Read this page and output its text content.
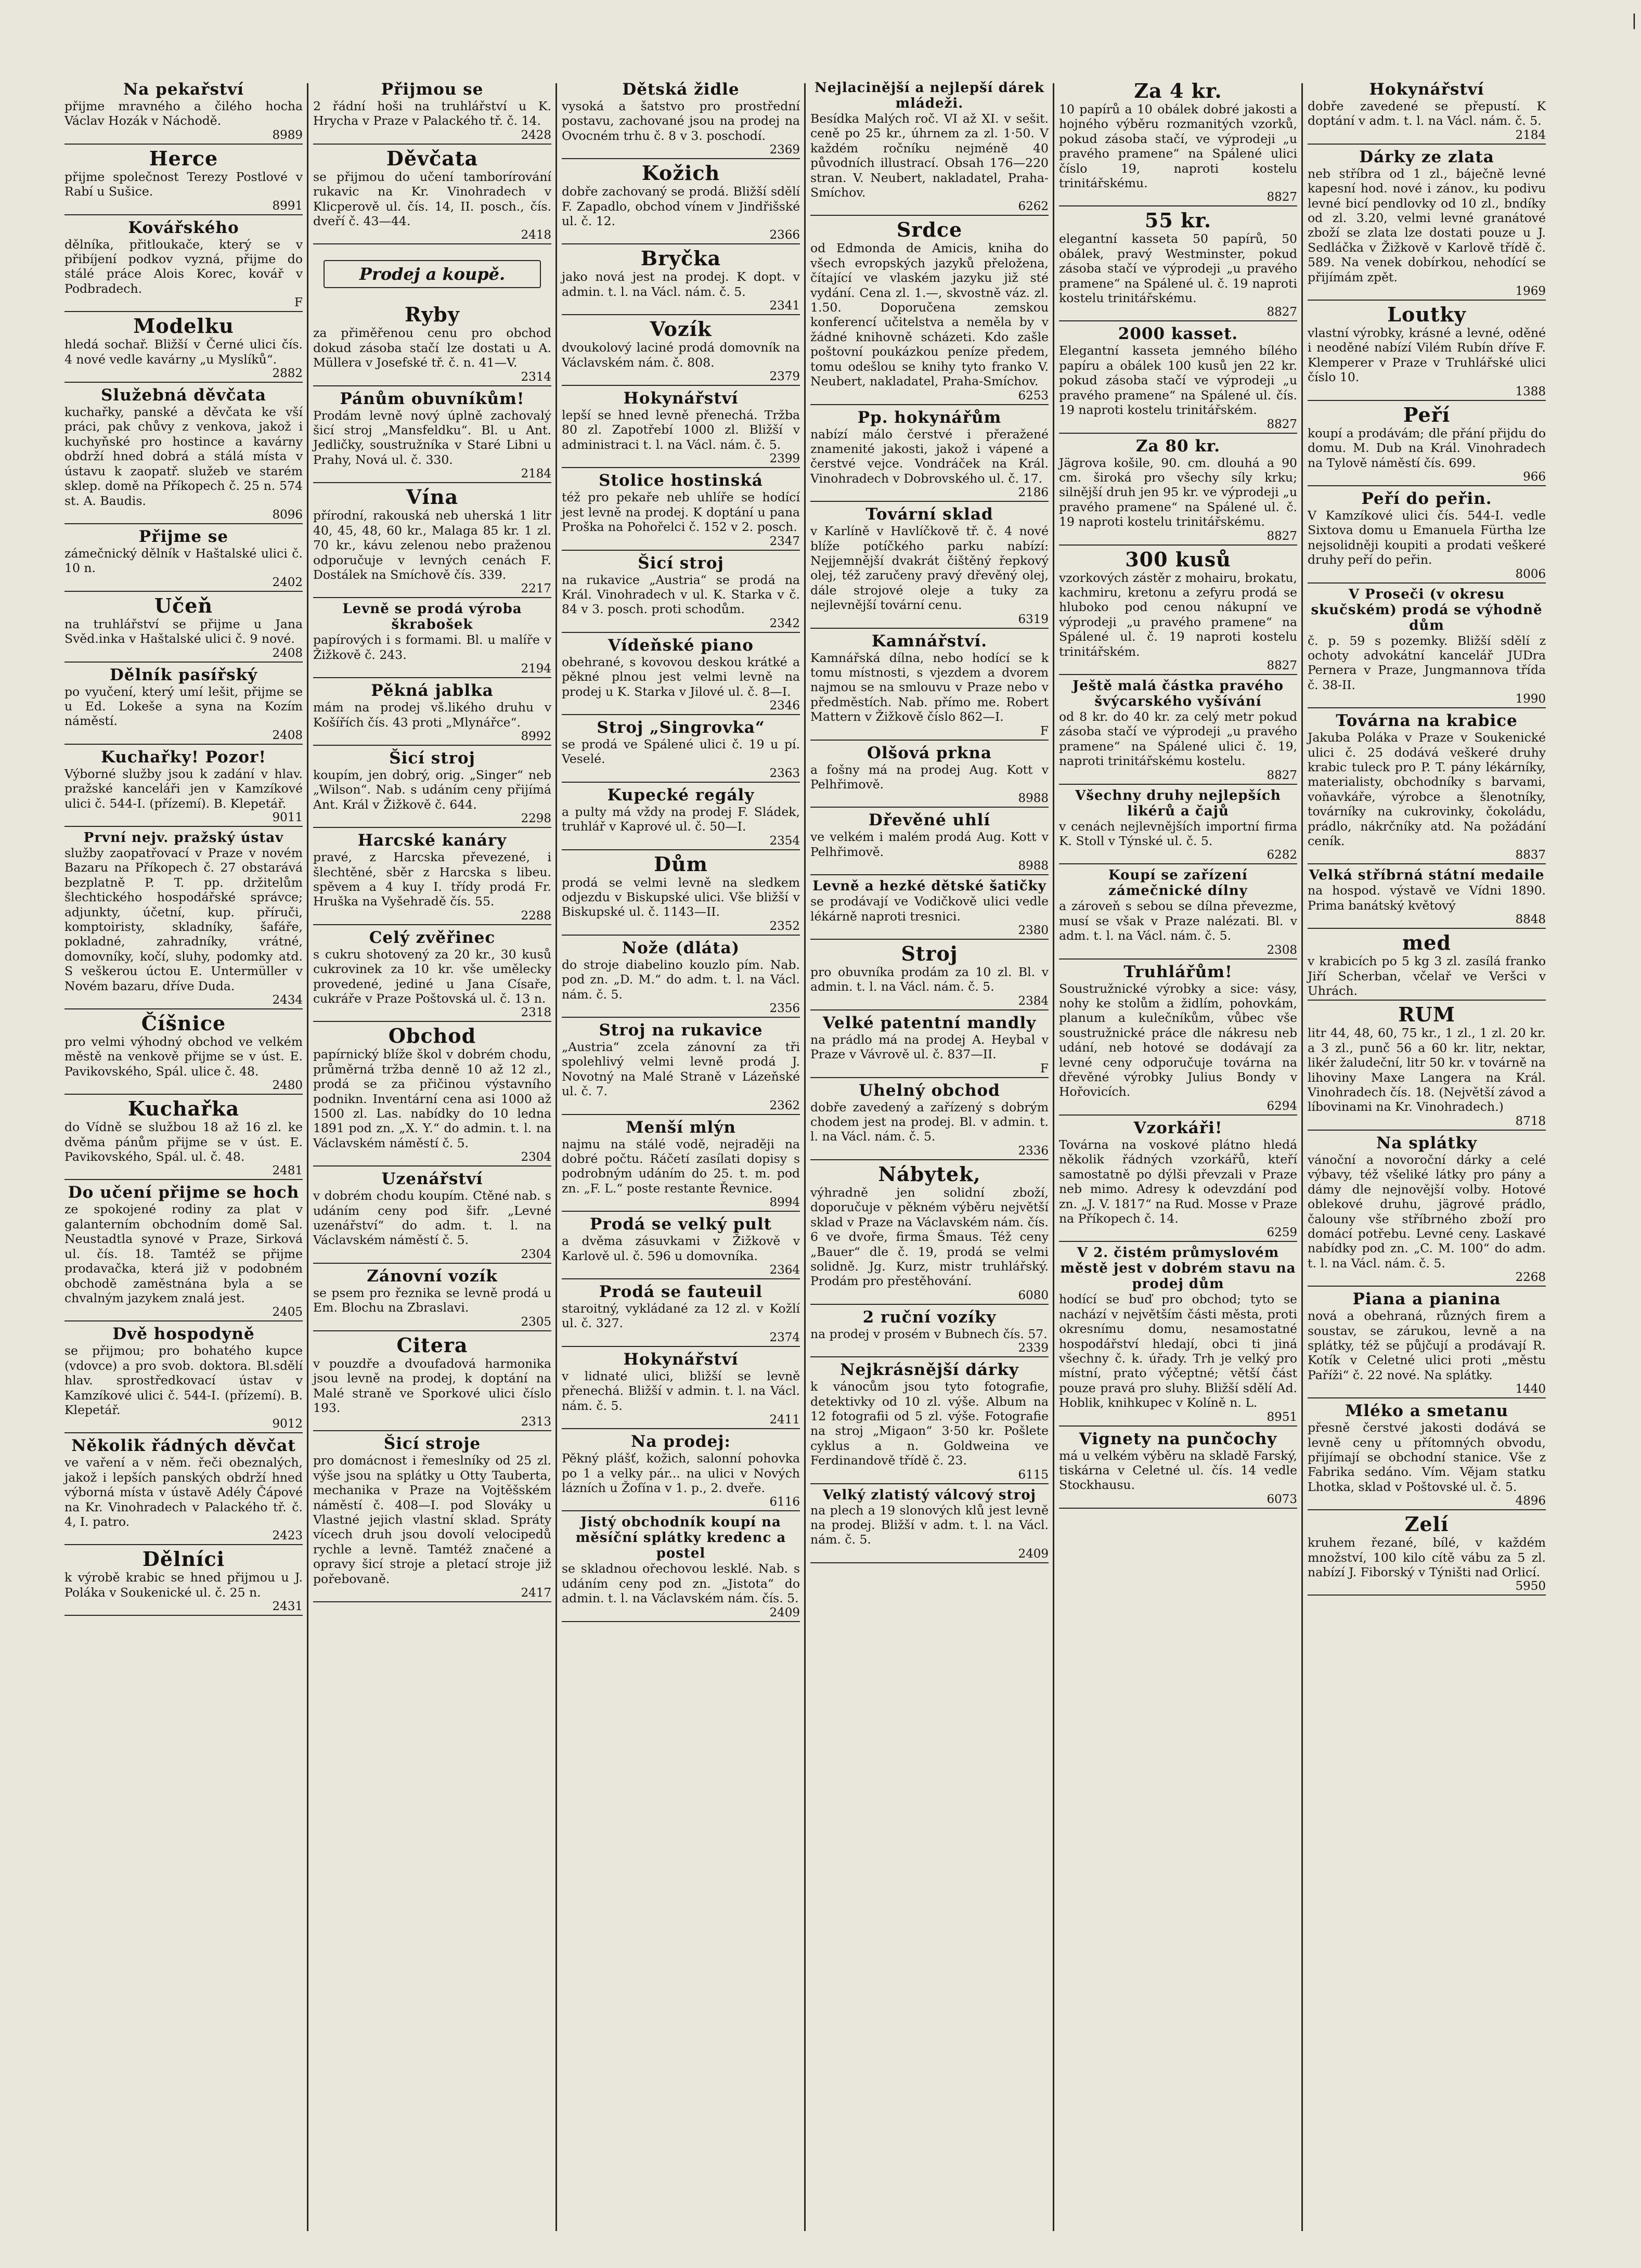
Na pekařství
přijme mravného a čilého hocha Václav Hozák v Náchodě.
8989
Herce
přijme společnost Terezy Postlové v Rabí u Sušice.
8991
Kovářského
dělníka, přitloukače, který se v přibíjení podkov vyzná, přijme do stálé práce Alois Korec, kovář v Podbradech.
F
Modelku
hledá sochař. Bližší v Černé ulici čís. 4 nové vedle kavárny „u Myslíků“.
2882
Služebná děvčata
kuchařky, panské a děvčata ke vší práci, pak chůvy z venkova, jakož i kuchyňské pro hostince a kavárny obdrží hned dobrá a stálá místa v ústavu k zaopatř. služeb ve starém sklep. domě na Příkopech č. 25 n. 574 st. A. Baudis.
8096
Přijme se
zámečnický dělník v Haštalské ulici č. 10 n.
2402
Učeň
na truhlářství se přijme u Jana Svěd.inka v Haštalské ulici č. 9 nové.
2408
Dělník pasířský
po vyučení, který umí lešit, přijme se u Ed. Lokeše a syna na Kozím náměstí.
2408
Kuchařky! Pozor!
Výborné služby jsou k zadání v hlav. pražské kanceláři jen v Kamzíkové ulici č. 544-I. (přízemí). B. Klepetář.
9011
První nejv. pražský ústav
služby zaopatřovací v Praze v novém Bazaru na Příkopech č. 27 obstarává bezplatně P. T. pp. držitelům šlechtického hospodářské správce; adjunkty, účetní, kup. příruči, komptoiristy, skladníky, šafáře, pokladné, zahradníky, vrátné, domovníky, kočí, sluhy, podomky atd. S veškerou úctou E. Untermüller v Novém bazaru, dříve Duda.
2434
Číšnice
pro velmi výhodný obchod ve velkém městě na venkově přijme se v úst. E. Pavikovského, Spál. ulice č. 48.
2480
Kuchařka
do Vídně se službou 18 až 16 zl. ke dvěma pánům přijme se v úst. E. Pavikovského, Spál. ul. č. 48.
2481
Do učení přijme se hoch
ze spokojené rodiny za plat v galanterním obchodním domě Sal. Neustadtla synové v Praze, Sirková ul. čís. 18. Tamtéž se přijme prodavačka, která již v podobném obchodě zaměstnána byla a se chvalným jazykem znalá jest.
2405
Dvě hospodyně
se přijmou; pro bohatého kupce (vdovce) a pro svob. doktora. Bl.sdělí hlav. sprostředkovací ústav v Kamzíkové ulici č. 544-I. (přízemí). B. Klepetář.
9012
Několik řádných děvčat
ve vaření a v něm. řeči obeznalých, jakož i lepších panských obdrží hned výborná místa v ústavě Adély Čápové na Kr. Vinohradech v Palackého tř. č. 4, I. patro.
2423
Dělníci
k výrobě krabic se hned přijmou u J. Poláka v Soukenické ul. č. 25 n.
2431
Přijmou se
2 řádní hoši na truhlářství u K. Hrycha v Praze v Palackého tř. č. 14.
2428
Děvčata
se přijmou do učení tamborírování rukavic na Kr. Vinohradech v Klicperově ul. čís. 14, II. posch., čís. dveří č. 43—44.
2418
Prodej a koupě.
Ryby
za přiměřenou cenu pro obchod dokud zásoba stačí lze dostati u A. Müllera v Josefské tř. č. n. 41—V.
2314
Pánům obuvníkům!
Prodám levně nový úplně zachovalý šicí stroj „Mansfeldku“. Bl. u Ant. Jedličky, soustružníka v Staré Libni u Prahy, Nová ul. č. 330.
2184
Vína
přírodní, rakouská neb uherská 1 litr 40, 45, 48, 60 kr., Malaga 85 kr. 1 zl. 70 kr., kávu zelenou nebo praženou odporučuje v levných cenách F. Dostálek na Smíchově čís. 339.
2217
Levně se prodá výroba škrabošek
papírových i s formami. Bl. u malíře v Žižkově č. 243.
2194
Pěkná jablka
mám na prodej vš.likého druhu v Košířích čís. 43 proti „Mlynářce“.
8992
Šicí stroj
koupím, jen dobrý, orig. „Singer“ neb „Wilson“. Nab. s udáním ceny přijímá Ant. Král v Žižkově č. 644.
2298
Harcské kanáry
pravé, z Harcska převezené, i šlechtěné, sběr z Harcska s libeu. spěvem a 4 kuy I. třídy prodá Fr. Hruška na Vyšehradě čís. 55.
2288
Celý zvěřinec
s cukru shotovený za 20 kr., 30 kusů cukrovinek za 10 kr. vše umělecky provedené, jediné u Jana Císaře, cukráře v Praze Poštovská ul. č. 13 n.
2318
Obchod
papírnický blíže škol v dobrém chodu, průměrná tržba denně 10 až 12 zl., prodá se za přičinou výstavního podnikn. Inventární cena asi 1000 až 1500 zl. Las. nabídky do 10 ledna 1891 pod zn. „X. Y.“ do admin. t. l. na Václavském náměstí č. 5.
2304
Uzenářství
v dobrém chodu koupím. Ctěné nab. s udáním ceny pod šifr. „Levné uzenářství“ do adm. t. l. na Václavském náměstí č. 5.
2304
Zánovní vozík
se psem pro řeznika se levně prodá u Em. Blochu na Zbraslavi.
2305
Citera
v pouzdře a dvoufadová harmonika jsou levně na prodej, k doptání na Malé straně ve Sporkové ulici číslo 193.
2313
Šicí stroje
pro domácnost i řemeslníky od 25 zl. výše jsou na splátky u Otty Tauberta, mechanika v Praze na Vojtěšském náměstí č. 408—I. pod Slováky u Vlastné jejich vlastní sklad. Spráty vícech druh jsou dovolí velocipedů rychle a levně. Tamtéž značené a opravy šicí stroje a pletací stroje již pořebovaně.
2417
Dětská židle
vysoká a šatstvo pro prostřední postavu, zachované jsou na prodej na Ovocném trhu č. 8 v 3. poschodí.
2369
Kožich
dobře zachovaný se prodá. Bližší sdělí F. Zapadlo, obchod vínem v Jindřišské ul. č. 12.
2366
Bryčka
jako nová jest na prodej. K dopt. v admin. t. l. na Václ. nám. č. 5.
2341
Vozík
dvoukolový laciné prodá domovník na Václavském nám. č. 808.
2379
Hokynářství
lepší se hned levně přenechá. Tržba 80 zl. Zapotřebí 1000 zl. Bližší v administraci t. l. na Václ. nám. č. 5.
2399
Stolice hostinská
též pro pekaře neb uhlíře se hodící jest levně na prodej. K doptání u pana Proška na Pohořelci č. 152 v 2. posch.
2347
Šicí stroj
na rukavice „Austria“ se prodá na Král. Vinohradech v ul. K. Starka v č. 84 v 3. posch. proti schodům.
2342
Vídeňské piano
obehrané, s kovovou deskou krátké a pěkné plnou jest velmi levně na prodej u K. Starka v Jilové ul. č. 8—I.
2346
Stroj „Singrovka“
se prodá ve Spálené ulici č. 19 u pí. Veselé.
2363
Kupecké regály
a pulty má vždy na prodej F. Sládek, truhlář v Kaprové ul. č. 50—I.
2354
Dům
prodá se velmi levně na sledkem odjezdu v Biskupské ulici. Vše bližší v Biskupské ul. č. 1143—II.
2352
Nože (dláta)
do stroje diabelino kouzlo pím. Nab. pod zn. „D. M.“ do adm. t. l. na Václ. nám. č. 5.
2356
Stroj na rukavice
„Austria“ zcela zánovní za tři spolehlivý velmi levně prodá J. Novotný na Malé Straně v Lázeňské ul. č. 7.
2362
Menší mlýn
najmu na stálé vodě, nejraději na dobré počtu. Ráčetí zasílati dopisy s podrobným udáním do 25. t. m. pod zn. „F. L.“ poste restante Řevnice.
8994
Prodá se velký pult
a dvěma zásuvkami v Žižkově v Karlově ul. č. 596 u domovníka.
2364
Prodá se fauteuil
staroitný, vykládané za 12 zl. v Kožlí ul. č. 327.
2374
Hokynářství
v lidnaté ulici, bližší se levně přenechá. Bližší v admin. t. l. na Václ. nám. č. 5.
2411
Na prodej:
Pěkný plášť, kožich, salonní pohovka po 1 a velky pár... na ulici v Nových lázních u Žofína v 1. p., 2. dveře.
6116
Jistý obchodník koupí na měsíční splátky kredenc a postel
se skladnou ořechovou lesklé. Nab. s udáním ceny pod zn. „Jistota“ do admin. t. l. na Václavském nám. čís. 5.
2409
Nejlacinější a nejlepší dárek mládeži.
Besídka Malých roč. VI až XI. v sešit. ceně po 25 kr., úhrnem za zl. 1·50. V každém ročníku nejméně 40 původních illustrací. Obsah 176—220 stran. V. Neubert, nakladatel, Praha-Smíchov.
6262
Srdce
od Edmonda de Amicis, kniha do všech evropských jazyků přeložena, čítající ve vlaském jazyku již sté vydání. Cena zl. 1.—, skvostně váz. zl. 1.50. Doporučena zemskou konferencí učitelstva a neměla by v žádné knihovně scházeti. Kdo zašle poštovní poukázkou peníze předem, tomu odešlou se knihy tyto franko V. Neubert, nakladatel, Praha-Smíchov.
6253
Pp. hokynářům
nabízí málo čerstvé i přeražené znamenité jakosti, jakož i vápené a čerstvé vejce. Vondráček na Král. Vinohradech v Dobrovského ul. č. 17.
2186
Tovární sklad
v Karlíně v Havlíčkově tř. č. 4 nové blíže potíčkého parku nabízí: Nejjemnější dvakrát čištěný řepkový olej, též zaručeny pravý dřevěný olej, dále strojové oleje a tuky za nejlevnější tovární cenu.
6319
Kamnářství.
Kamnářská dílna, nebo hodící se k tomu místnosti, s vjezdem a dvorem najmou se na smlouvu v Praze nebo v předměstích. Nab. přímo me. Robert Mattern v Žižkově číslo 862—I.
F
Olšová prkna
a fošny má na prodej Aug. Kott v Pelhřimově.
8988
Dřevěné uhlí
ve velkém i malém prodá Aug. Kott v Pelhřimově.
8988
Levně a hezké dětské šatičky
se prodávají ve Vodičkově ulici vedle lékárně naproti tresnici.
2380
Stroj
pro obuvníka prodám za 10 zl. Bl. v admin. t. l. na Václ. nám. č. 5.
2384
Velké patentní mandly
na prádlo má na prodej A. Heybal v Praze v Vávrově ul. č. 837—II.
F
Uhelný obchod
dobře zavedený a zařízený s dobrým chodem jest na prodej. Bl. v admin. t. l. na Václ. nám. č. 5.
2336
Nábytek,
výhradně jen solidní zboží, doporučuje v pěkném výběru největší sklad v Praze na Václavském nám. čís. 6 ve dvoře, firma Šmaus. Též ceny „Bauer“ dle č. 19, prodá se velmi solidně. Jg. Kurz, mistr truhlářský. Prodám pro přestěhování.
6080
2 ruční vozíky
na prodej v prosém v Bubnech čís. 57.
2339
Nejkrásnější dárky
k vánocům jsou tyto fotografie, detektivky od 10 zl. výše. Album na 12 fotografii od 5 zl. výše. Fotografie na stroj „Migaon“ 3·50 kr. Pošlete cyklus a n. Goldweina ve Ferdinandově třídě č. 23.
6115
Velký zlatistý válcový stroj
na plech a 19 slonových klů jest levně na prodej. Bližší v adm. t. l. na Václ. nám. č. 5.
2409
Za 4 kr.
10 papírů a 10 obálek dobré jakosti a hojného výběru rozmanitých vzorků, pokud zásoba stačí, ve výprodeji „u pravého pramene“ na Spálené ulici číslo 19, naproti kostelu trinitářskému.
8827
55 kr.
elegantní kasseta 50 papírů, 50 obálek, pravý Westminster, pokud zásoba stačí ve výprodeji „u pravého pramene“ na Spálené ul. č. 19 naproti kostelu trinitářskému.
8827
2000 kasset.
Elegantní kasseta jemného bílého papíru a obálek 100 kusů jen 22 kr. pokud zásoba stačí ve výprodeji „u pravého pramene“ na Spálené ul. čís. 19 naproti kostelu trinitářském.
8827
Za 80 kr.
Jägrova košile, 90. cm. dlouhá a 90 cm. široká pro všechy síly krku; silnější druh jen 95 kr. ve výprodeji „u pravého pramene“ na Spálené ul. č. 19 naproti kostelu trinitářskému.
8827
300 kusů
vzorkových zástěr z mohairu, brokatu, kachmiru, kretonu a zefyru prodá se hluboko pod cenou nákupní ve výprodeji „u pravého pramene“ na Spálené ul. č. 19 naproti kostelu trinitářském.
8827
Ještě malá částka pravého švýcarského vyšívání
od 8 kr. do 40 kr. za celý metr pokud zásoba stačí ve výprodeji „u pravého pramene“ na Spálené ulici č. 19, naproti trinitářskému kostelu.
8827
Všechny druhy nejlepších likérů a čajů
v cenách nejlevnějších importní firma K. Stoll v Týnské ul. č. 5.
6282
Koupí se zařízení zámečnické dílny
a zároveň s sebou se dílna převezme, musí se však v Praze nalézati. Bl. v adm. t. l. na Václ. nám. č. 5.
2308
Truhlářům!
Soustružnické výrobky a sice: vásy, nohy ke stolům a židlím, pohovkám, planum a kulečníkům, vůbec vše soustružnické práce dle nákresu neb udání, neb hotové se dodávají za levné ceny odporučuje továrna na dřevěné výrobky Julius Bondy v Hořovicích.
6294
Vzorkáři!
Továrna na voskové plátno hledá několik řádných vzorkářů, kteří samostatně po dýlši převzali v Praze neb mimo. Adresy k odevzdání pod zn. „J. V. 1817“ na Rud. Mosse v Praze na Příkopech č. 14.
6259
V 2. čistém průmyslovém městě jest v dobrém stavu na prodej dům
hodící se buď pro obchod; tyto se nachází v největším části města, proti okresnímu domu, nesamostatné hospodářství hledají, obci ti jiná všechny č. k. úřady. Trh je velký pro místní, prato výčeptné; větší část pouze pravá pro sluhy. Bližší sdělí Ad. Hoblik, knihkupec v Kolíně n. L.
8951
Vignety na punčochy
má u velkém výběru na skladě Farský, tiskárna v Celetné ul. čís. 14 vedle Stockhausu.
6073
Hokynářství
dobře zavedené se přepustí. K doptání v adm. t. l. na Václ. nám. č. 5.
2184
Dárky ze zlata
neb stříbra od 1 zl., báječně levné kapesní hod. nové i zánov., ku podivu levné bicí pendlovky od 10 zl., bndíky od zl. 3.20, velmi levné granátové zboží se zlata lze dostati pouze u J. Sedláčka v Žižkově v Karlově třídě č. 589. Na venek dobírkou, nehodící se přijímám zpět.
1969
Loutky
vlastní výrobky, krásné a levné, oděné i neoděné nabízí Vilém Rubín dříve F. Klemperer v Praze v Truhlářské ulici číslo 10.
1388
Peří
koupí a prodávám; dle přání přijdu do domu. M. Dub na Král. Vinohradech na Tylově náměstí čís. 699.
966
Peří do peřin.
V Kamzíkové ulici čís. 544-I. vedle Sixtova domu u Emanuela Fürtha lze nejsolidněji koupiti a prodati veškeré druhy peří do peřin.
8006
V Proseči (v okresu skučském) prodá se výhodně dům
č. p. 59 s pozemky. Bližší sdělí z ochoty advokátní kancelář JUDra Pernera v Praze, Jungmannova třída č. 38-II.
1990
Továrna na krabice
Jakuba Poláka v Praze v Soukenické ulici č. 25 dodává veškeré druhy krabic tuleck pro P. T. pány lékárníky, materialisty, obchodníky s barvami, voňavkáře, výrobce a šlenotníky, továrníky na cukrovinky, čokoládu, prádlo, nákrčníky atd. Na požádání ceník.
8837
Velká stříbrná státní medaile
na hospod. výstavě ve Vídni 1890. Prima banátský květový
8848
med
v krabicích po 5 kg 3 zl. zasílá franko Jiří Scherban, včelař ve Veršci v Uhrách.
RUM
litr 44, 48, 60, 75 kr., 1 zl., 1 zl. 20 kr. a 3 zl., punč 56 a 60 kr. litr, nektar, likér žaludeční, litr 50 kr. v továrně na lihoviny Maxe Langera na Král. Vinohradech čís. 18. (Největší závod a líbovinami na Kr. Vinohradech.)
8718
Na splátky
vánoční a novoroční dárky a celé výbavy, též všeliké látky pro pány a dámy dle nejnovější volby. Hotové oblekové druhu, jägrové prádlo, čalouny vše stříbrného zboží pro domácí potřebu. Levné ceny. Laskavé nabídky pod zn. „C. M. 100“ do adm. t. l. na Václ. nám. č. 5.
2268
Piana a pianina
nová a obehraná, různých firem a soustav, se zárukou, levně a na splátky, též se půjčují a prodávají R. Kotík v Celetné ulici proti „městu Paříži“ č. 22 nové. Na splátky.
1440
Mléko a smetanu
přesně čerstvé jakosti dodává se levně ceny u přítomných obvodu, přijímají se obchodní stanice. Vše z Fabrika sedáno. Vím. Vějam statku Lhotka, sklad v Poštovské ul. č. 5.
4896
Zelí
kruhem řezané, bílé, v každém množství, 100 kilo cítě vábu za 5 zl. nabízí J. Fiborský v Týništi nad Orlicí.
5950
|
